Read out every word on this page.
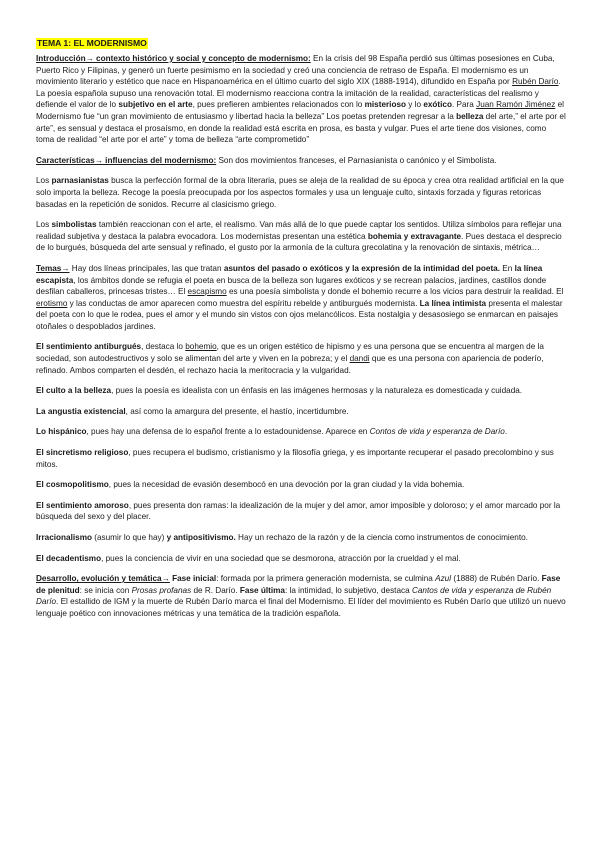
TEMA 1: EL MODERNISMO

Introducción→ contexto histórico y social y concepto de modernismo: En la crisis del 98 España perdió sus últimas posesiones en Cuba, Puerto Rico y Filipinas, y generó un fuerte pesimismo en la sociedad y creó una conciencia de retraso de España. El modernismo es un movimiento literario y estético que nace en Hispanoamérica en el último cuarto del siglo XIX (1888-1914), difundido en España por Rubén Darío. La poesía española supuso una renovación total. El modernismo reacciona contra la imitación de la realidad, características del realismo y defiende el valor de lo subjetivo en el arte, pues prefieren ambientes relacionados con lo misterioso y lo exótico. Para Juan Ramón Jiménez el Modernismo fue “un gran movimiento de entusiasmo y libertad hacia la belleza” Los poetas pretenden regresar a la belleza del arte,” el arte por el arte”, es sensual y destaca el prosaísmo, en donde la realidad está escrita en prosa, es basta y vulgar. Pues el arte tiene dos visiones, como toma de realidad “el arte por el arte” y toma de belleza “arte comprometido”

Características→ influencias del modernismo: Son dos movimientos franceses, el Parnasianista o canónico y el Simbolista.

Los parnasianistas busca la perfección formal de la obra literaria, pues se aleja de la realidad de su época y crea otra realidad artificial en la que solo importa la belleza. Recoge la poesía preocupada por los aspectos formales y usa un lenguaje culto, sintaxis forzada y figuras retoricas basadas en la repetición de sonidos. Recurre al clasicismo griego.

Los simbolistas también reaccionan con el arte, el realismo. Van más allá de lo que puede captar los sentidos. Utiliza símbolos para reflejar una realidad subjetiva y destaca la palabra evocadora. Los modernistas presentan una estética bohemia y extravagante. Pues destaca el desprecio de lo burgués, búsqueda del arte sensual y refinado, el gusto por la armonía de la cultura grecolatina y la renovación de sintaxis, métrica…

Temas→ Hay dos líneas principales, las que tratan asuntos del pasado o exóticos y la expresión de la intimidad del poeta. En la línea escapista, los ámbitos donde se refugia el poeta en busca de la belleza son lugares exóticos y se recrean palacios, jardines, castillos donde desfilan caballeros, princesas tristes… El escapismo es una poesía simbolista y donde el bohemio recurre a los vicios para destruir la realidad. El erotismo y las conductas de amor aparecen como muestra del espíritu rebelde y antiburgués modernista. La línea intimista presenta el malestar del poeta con lo que le rodea, pues el amor y el mundo sin vistos con ojos melancólicos. Esta nostalgia y desasosiego se enmarcan en paisajes otoñales o despoblados jardines.

El sentimiento antiburgués, destaca lo bohemio, que es un origen estético de hipismo y es una persona que se encuentra al margen de la sociedad, son autodestructivos y solo se alimentan del arte y viven en la pobreza; y el dandi que es una persona con apariencia de poderío, refinado. Ambos comparten el desdén, el rechazo hacia la meritocracia y la vulgaridad.

El culto a la belleza, pues la poesía es idealista con un énfasis en las imágenes hermosas y la naturaleza es domesticada y cuidada.

La angustia existencial, así como la amargura del presente, el hastío, incertidumbre.

Lo hispánico, pues hay una defensa de lo español frente a lo estadounidense. Aparece en Contos de vida y esperanza de Darío.

El sincretismo religioso, pues recupera el budismo, cristianismo y la filosofía griega, y es importante recuperar el pasado precolombino y sus mitos.

El cosmopolitismo, pues la necesidad de evasión desembocó en una devoción por la gran ciudad y la vida bohemia.

El sentimiento amoroso, pues presenta don ramas: la idealización de la mujer y del amor, amor imposible y doloroso; y el amor marcado por la búsqueda del sexo y del placer.

Irracionalismo (asumir lo que hay) y antipositivismo. Hay un rechazo de la razón y de la ciencia como instrumentos de conocimiento.

El decadentismo, pues la conciencia de vivir en una sociedad que se desmorona, atracción por la crueldad y el mal.

Desarrollo, evolución y temática→ Fase inicial: formada por la primera generación modernista, se culmina Azul (1888) de Rubén Darío. Fase de plenitud: se inicia con Prosas profanas de R. Darío. Fase última: la intimidad, lo subjetivo, destaca Cantos de vida y esperanza de Rubén Darío. El estallido de IGM y la muerte de Rubén Darío marca el final del Modernismo. El líder del movimiento es Rubén Darío que utilizó un nuevo lenguaje poético con innovaciones métricas y una temática de la tradición española.
